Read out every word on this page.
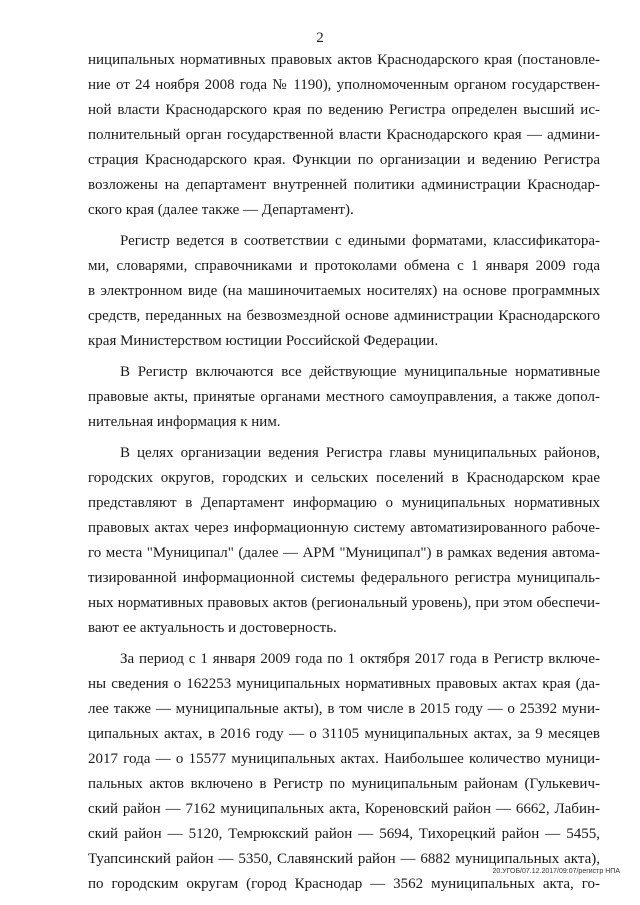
2
ниципальных нормативных правовых актов Краснодарского края (постановле-
ние от 24 ноября 2008 года № 1190), уполномоченным органом государствен-
ной власти Краснодарского края по ведению Регистра определен высший ис-
полнительный орган государственной власти Краснодарского края — админи-
страция Краснодарского края. Функции по организации и ведению Регистра
возложены на департамент внутренней политики администрации Краснодар-
ского края (далее также — Департамент).
Регистр ведется в соответствии с едиными форматами, классификатора-
ми, словарями, справочниками и протоколами обмена с 1 января 2009 года
в электронном виде (на машиночитаемых носителях) на основе программных
средств, переданных на безвозмездной основе администрации Краснодарского
края Министерством юстиции Российской Федерации.
В Регистр включаются все действующие муниципальные нормативные
правовые акты, принятые органами местного самоуправления, а также допол-
нительная информация к ним.
В целях организации ведения Регистра главы муниципальных районов,
городских округов, городских и сельских поселений в Краснодарском крае
представляют в Департамент информацию о муниципальных нормативных
правовых актах через информационную систему автоматизированного рабоче-
го места "Муниципал" (далее — АРМ "Муниципал") в рамках ведения автома-
тизированной информационной системы федерального регистра муниципаль-
ных нормативных правовых актов (региональный уровень), при этом обеспечи-
вают ее актуальность и достоверность.
За период с 1 января 2009 года по 1 октября 2017 года в Регистр включе-
ны сведения о 162253 муниципальных нормативных правовых актах края (да-
лее также — муниципальные акты), в том числе в 2015 году — о 25392 муни-
ципальных актах, в 2016 году — о 31105 муниципальных актах, за 9 месяцев
2017 года — о 15577 муниципальных актах. Наибольшее количество муници-
пальных актов включено в Регистр по муниципальным районам (Гулькевич-
ский район — 7162 муниципальных акта, Кореновский район — 6662, Лабин-
ский район — 5120, Темрюкский район — 5694, Тихорецкий район — 5455,
Туапсинский район — 5350, Славянский район — 6882 муниципальных акта),
по городским округам (город Краснодар — 3562 муниципальных акта, го-
20.УГОБ/07.12.2017/09:07/регистр НПА
